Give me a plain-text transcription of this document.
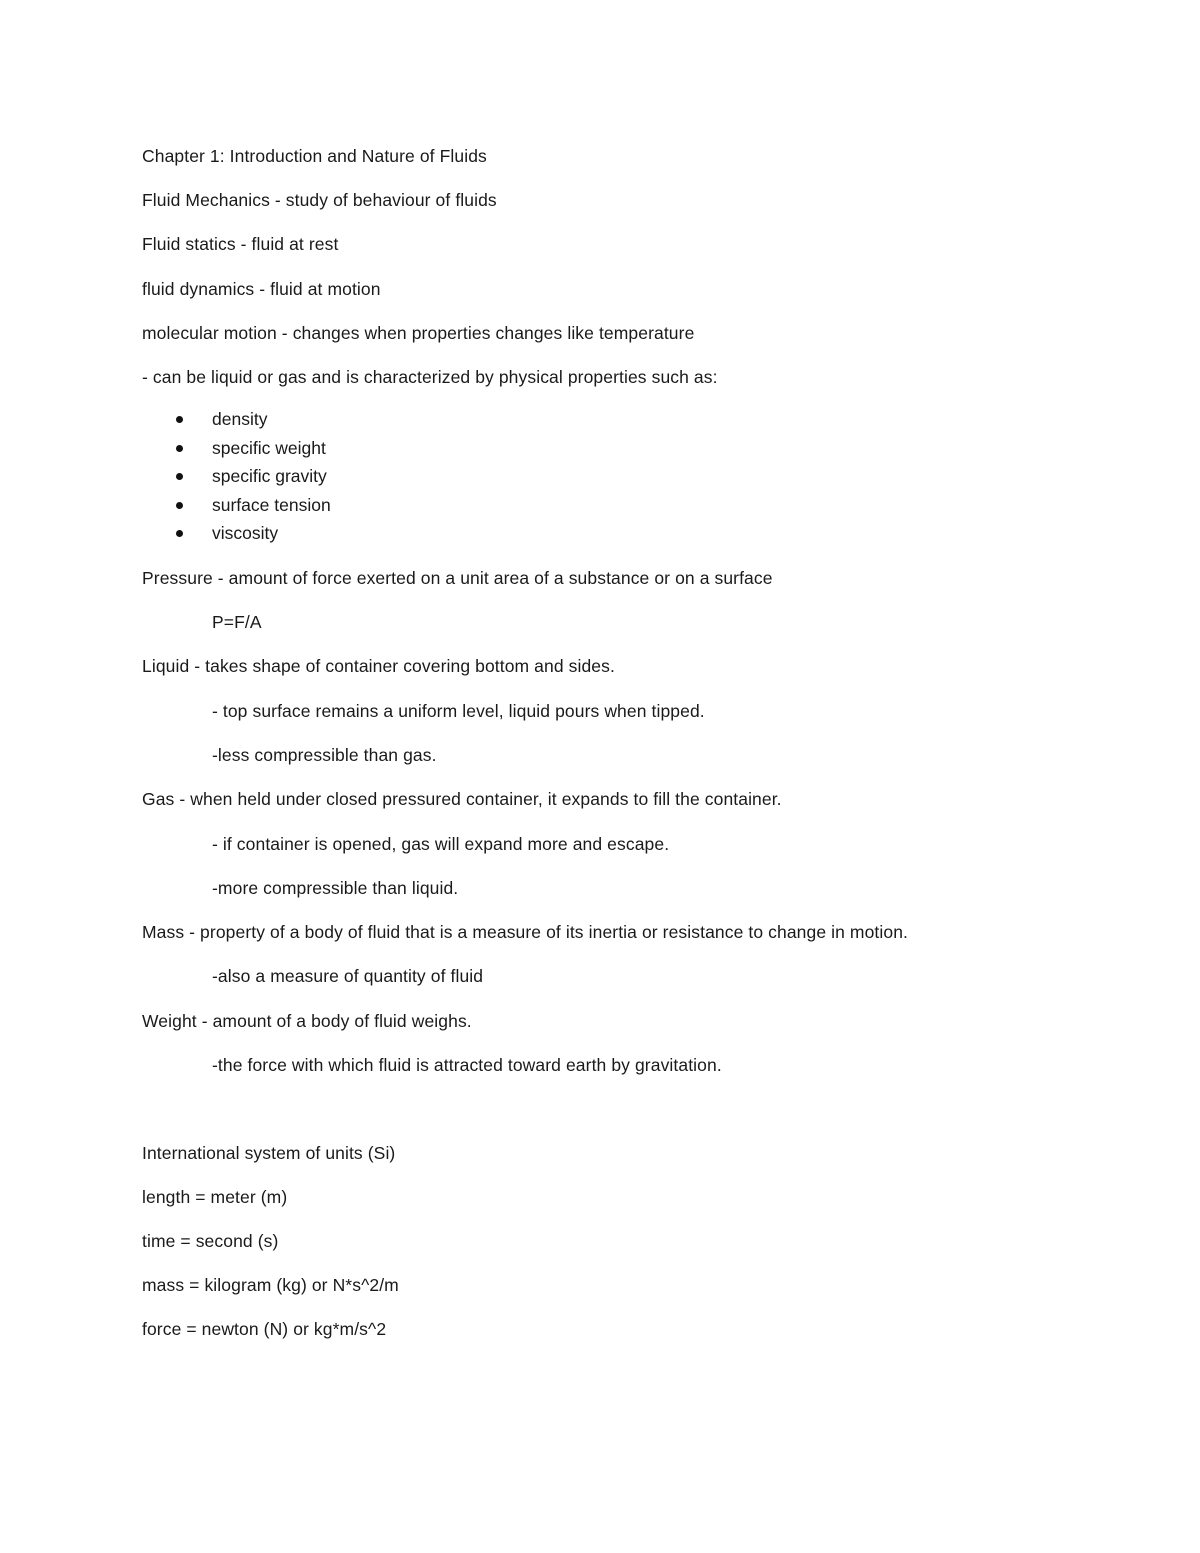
Chapter 1: Introduction and Nature of Fluids
Fluid Mechanics - study of behaviour of fluids
Fluid statics - fluid at rest
fluid dynamics - fluid at motion
molecular motion - changes when properties changes like temperature
- can be liquid or gas and is characterized by physical properties such as:
density
specific weight
specific gravity
surface tension
viscosity
Pressure - amount of force exerted on a unit area of a substance or on a surface
P=F/A
Liquid - takes shape of container covering bottom and sides.
- top surface remains a uniform level, liquid pours when tipped.
-less compressible than gas.
Gas - when held under closed pressured container, it expands to fill the container.
- if container is opened, gas will expand more and escape.
-more compressible than liquid.
Mass - property of a body of fluid that is a measure of its inertia or resistance to change in motion.
-also a measure of quantity of fluid
Weight - amount of a body of fluid weighs.
-the force with which fluid is attracted toward earth by gravitation.
International system of units (Si)
length = meter (m)
time = second (s)
mass = kilogram (kg) or N*s^2/m
force = newton (N) or kg*m/s^2
